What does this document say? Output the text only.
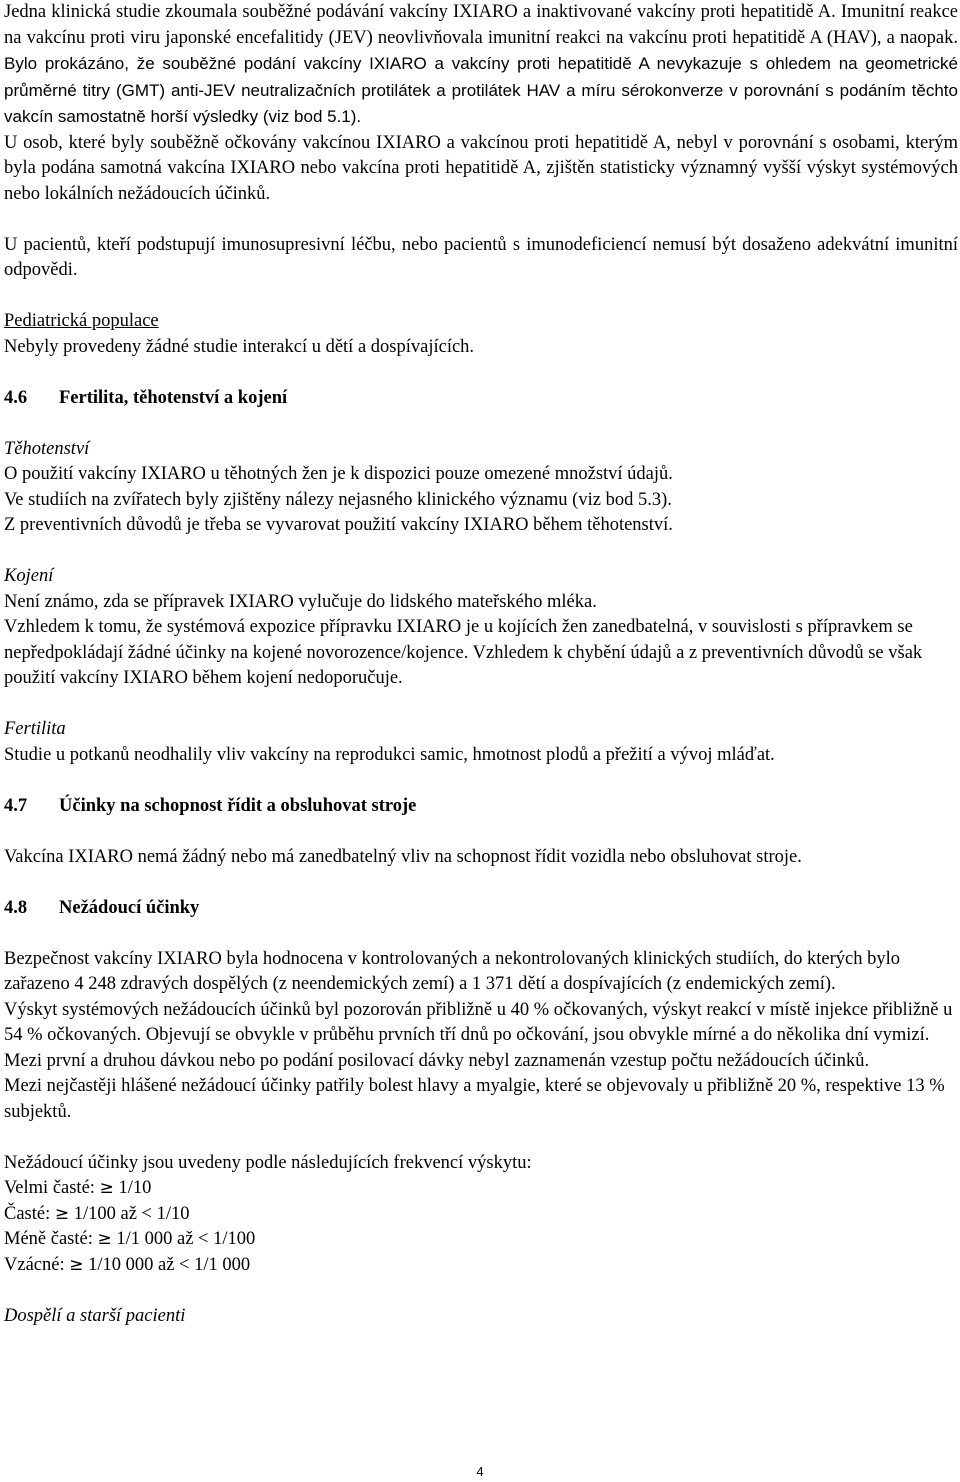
Jedna klinická studie zkoumala souběžné podávání vakcíny IXIARO a inaktivované vakcíny proti hepatitidě A. Imunitní reakce na vakcínu proti viru japonské encefalitidy (JEV) neovlivňovala imunitní reakci na vakcínu proti hepatitidě A (HAV), a naopak. Bylo prokázáno, že souběžné podání vakcíny IXIARO a vakcíny proti hepatitidě A nevykazuje s ohledem na geometrické průměrné titry (GMT) anti-JEV neutralizačních protilátek a protilátek HAV a míru sérokonverze v porovnání s podáním těchto vakcín samostatně horší výsledky (viz bod 5.1).

U osob, které byly souběžně očkovány vakcínou IXIARO a vakcínou proti hepatitidě A, nebyl v porovnání s osobami, kterým byla podána samotná vakcína IXIARO nebo vakcína proti hepatitidě A, zjištěn statisticky významný vyšší výskyt systémových nebo lokálních nežádoucích účinků.

U pacientů, kteří podstupují imunosupresivní léčbu, nebo pacientů s imunodeficiencí nemusí být dosaženo adekvátní imunitní odpovědi.

Pediatrická populace

Nebyly provedeny žádné studie interakcí u dětí a dospívajících.

4.6 Fertilita, těhotenství a kojení

Těhotenství

O použití vakcíny IXIARO u těhotných žen je k dispozici pouze omezené množství údajů.

Ve studiích na zvířatech byly zjištěny nálezy nejasného klinického významu (viz bod 5.3).

Z preventivních důvodů je třeba se vyvarovat použití vakcíny IXIARO během těhotenství.

Kojení

Není známo, zda se přípravek IXIARO vylučuje do lidského mateřského mléka.

Vzhledem k tomu, že systémová expozice přípravku IXIARO je u kojících žen zanedbatelná, v souvislosti s přípravkem se nepředpokládají žádné účinky na kojené novorozence/kojence. Vzhledem k chybění údajů a z preventivních důvodů se však použití vakcíny IXIARO během kojení nedoporučuje.

Fertilita

Studie u potkanů neodhalily vliv vakcíny na reprodukci samic, hmotnost plodů a přežití a vývoj mláďat.

4.7 Účinky na schopnost řídit a obsluhovat stroje

Vakcína IXIARO nemá žádný nebo má zanedbatelný vliv na schopnost řídit vozidla nebo obsluhovat stroje.

4.8 Nežádoucí účinky

Bezpečnost vakcíny IXIARO byla hodnocena v kontrolovaných a nekontrolovaných klinických studiích, do kterých bylo zařazeno 4 248 zdravých dospělých (z neendemických zemí) a 1 371 dětí a dospívajících (z endemických zemí).

Výskyt systémových nežádoucích účinků byl pozorován přibližně u 40 % očkovaných, výskyt reakcí v místě injekce přibližně u 54 % očkovaných. Objevují se obvykle v průběhu prvních tří dnů po očkování, jsou obvykle mírné a do několika dní vymizí. Mezi první a druhou dávkou nebo po podání posilovací dávky nebyl zaznamenán vzestup počtu nežádoucích účinků.

Mezi nejčastěji hlášené nežádoucí účinky patřily bolest hlavy a myalgie, které se objevovaly u přibližně 20 %, respektive 13 % subjektů.

Nežádoucí účinky jsou uvedeny podle následujících frekvencí výskytu:

Velmi časté: ≥ 1/10

Časté: ≥ 1/100 až < 1/10

Méně časté: ≥ 1/1 000 až < 1/100

Vzácné: ≥ 1/10 000 až < 1/1 000

Dospělí a starší pacienti

4
